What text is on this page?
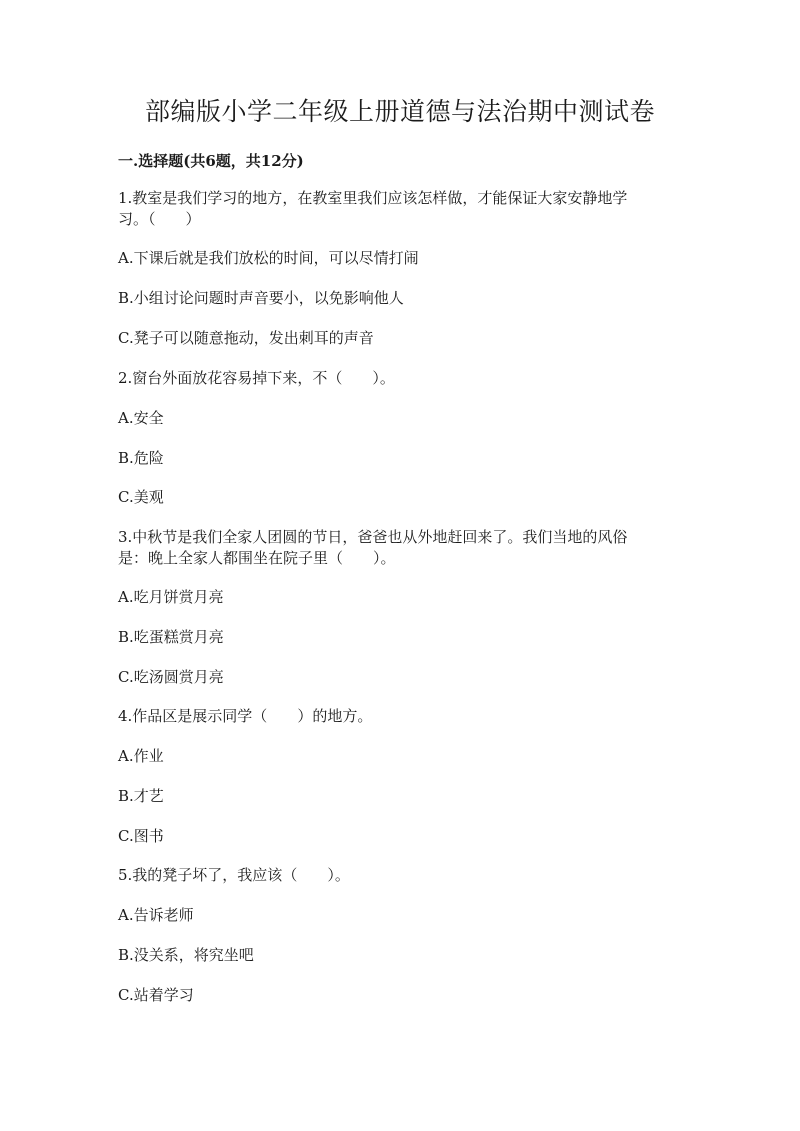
部编版小学二年级上册道德与法治期中测试卷
一.选择题(共6题，共12分)
1.教室是我们学习的地方，在教室里我们应该怎样做，才能保证大家安静地学
习。（　　）
A.下课后就是我们放松的时间，可以尽情打闹
B.小组讨论问题时声音要小，以免影响他人
C.凳子可以随意拖动，发出刺耳的声音
2.窗台外面放花容易掉下来，不（　　）。
A.安全
B.危险
C.美观
3.中秋节是我们全家人团圆的节日，爸爸也从外地赶回来了。我们当地的风俗
是：晚上全家人都围坐在院子里（　　）。
A.吃月饼赏月亮
B.吃蛋糕赏月亮
C.吃汤圆赏月亮
4.作品区是展示同学（　　）的地方。
A.作业
B.才艺
C.图书
5.我的凳子坏了，我应该（　　）。
A.告诉老师
B.没关系，将究坐吧
C.站着学习
